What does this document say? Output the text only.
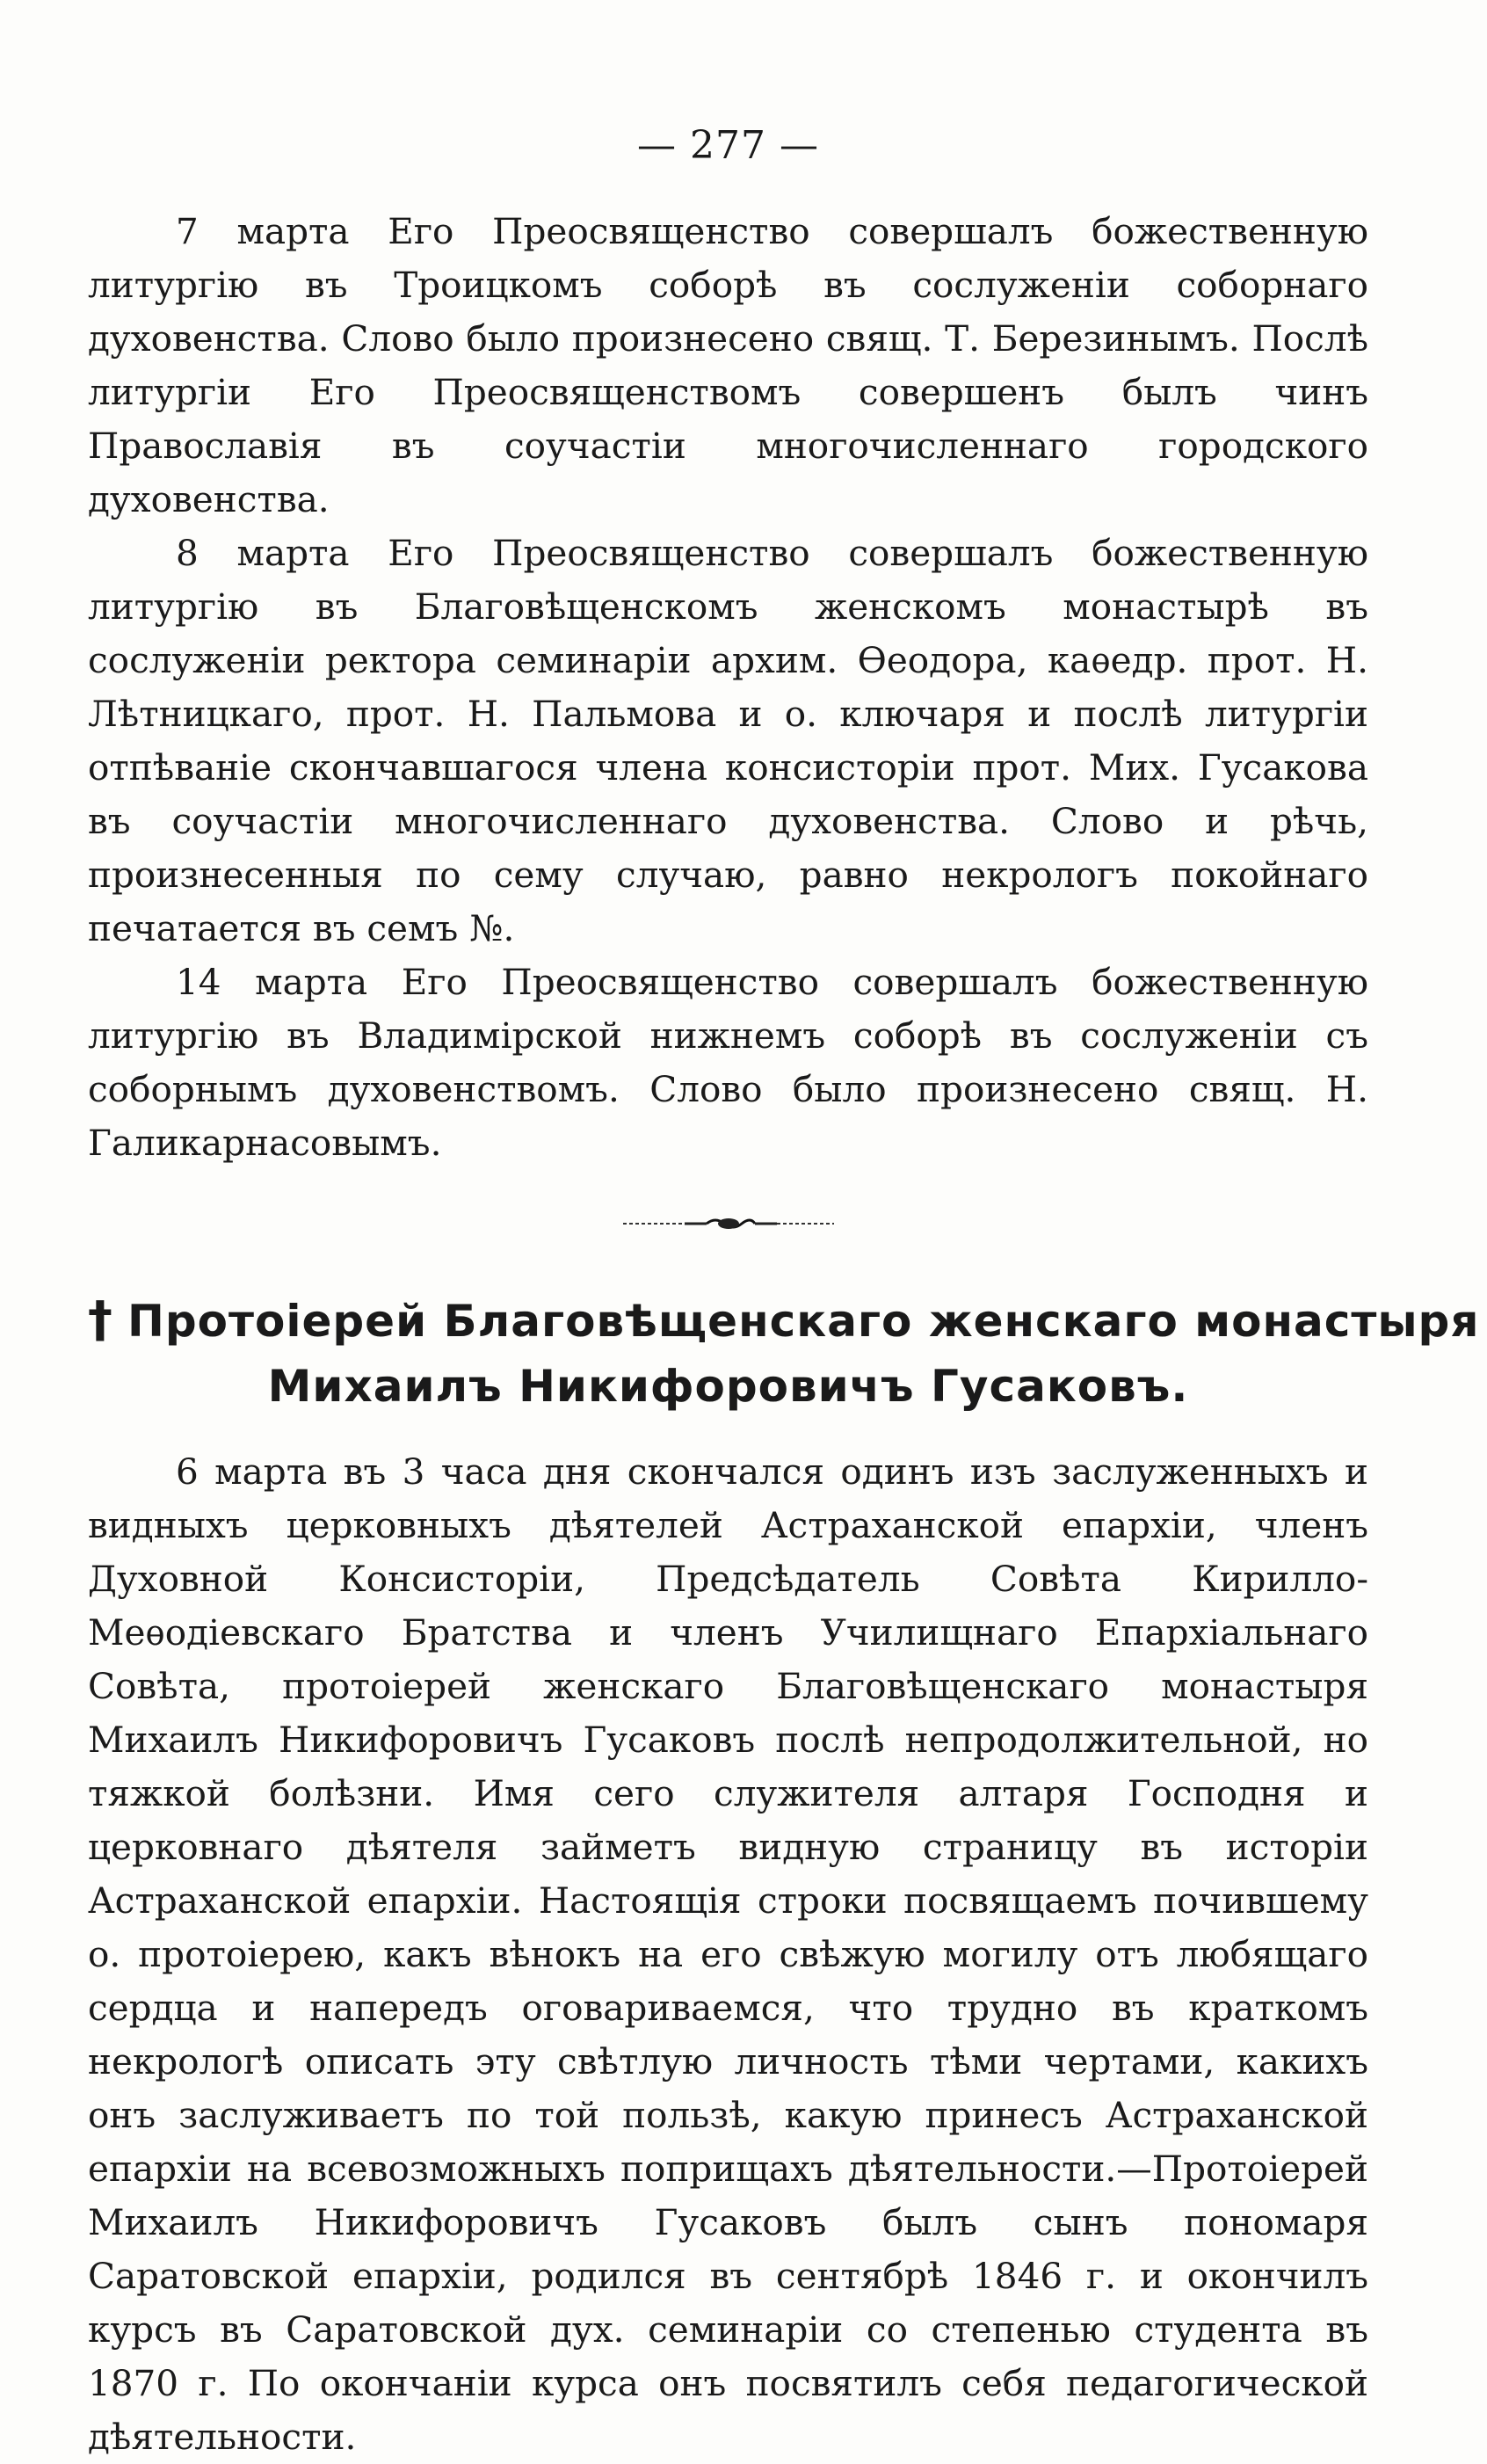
— 277 —

7 марта Его Преосвященство совершалъ божественную литургію въ Троицкомъ соборѣ въ сослуженіи соборнаго духовенства. Слово было произнесено свящ. Т. Березинымъ. Послѣ литургіи Его Преосвященствомъ совершенъ былъ чинъ Православія въ соучастіи многочисленнаго городского духовенства.

8 марта Его Преосвященство совершалъ божественную литургію въ Благовѣщенскомъ женскомъ монастырѣ въ сослуженіи ректора семинаріи архим. Ѳеодора, каѳедр. прот. Н. Лѣтницкаго, прот. Н. Пальмова и о. ключаря и послѣ литургіи отпѣваніе скончавшагося члена консисторіи прот. Мих. Гусакова въ соучастіи многочисленнаго духовенства. Слово и рѣчь, произнесенныя по сему случаю, равно некрологъ покойнаго печатается въ семъ №.

14 марта Его Преосвященство совершалъ божественную литургію въ Владимірской нижнемъ соборѣ въ сослуженіи съ соборнымъ духовенствомъ. Слово было произнесено свящ. Н. Галикарнасовымъ.

† Протоіерей Благовѣщенскаго женскаго монастыря
Михаилъ Никифоровичъ Гусаковъ.

6 марта въ 3 часа дня скончался одинъ изъ заслуженныхъ и видныхъ церковныхъ дѣятелей Астраханской епархіи, членъ Духовной Консисторіи, Предсѣдатель Совѣта Кирилло-Меѳодіевскаго Братства и членъ Училищнаго Епархіальнаго Совѣта, протоіерей женскаго Благовѣщенскаго монастыря Михаилъ Никифоровичъ Гусаковъ послѣ непродолжительной, но тяжкой болѣзни. Имя сего служителя алтаря Господня и церковнаго дѣятеля займетъ видную страницу въ исторіи Астраханской епархіи. Настоящія строки посвящаемъ почившему о. протоіерею, какъ вѣнокъ на его свѣжую могилу отъ любящаго сердца и напередъ оговариваемся, что трудно въ краткомъ некрологѣ описать эту свѣтлую личность тѣми чертами, какихъ онъ заслуживаетъ по той пользѣ, какую принесъ Астраханской епархіи на всевозможныхъ поприщахъ дѣятельности.—Протоіерей Михаилъ Никифоровичъ Гусаковъ былъ сынъ пономаря Саратовской епархіи, родился въ сентябрѣ 1846 г. и окончилъ курсъ въ Саратовской дух. семинаріи со степенью студента въ 1870 г. По окончаніи курса онъ посвятилъ себя педагогической дѣятельности.
